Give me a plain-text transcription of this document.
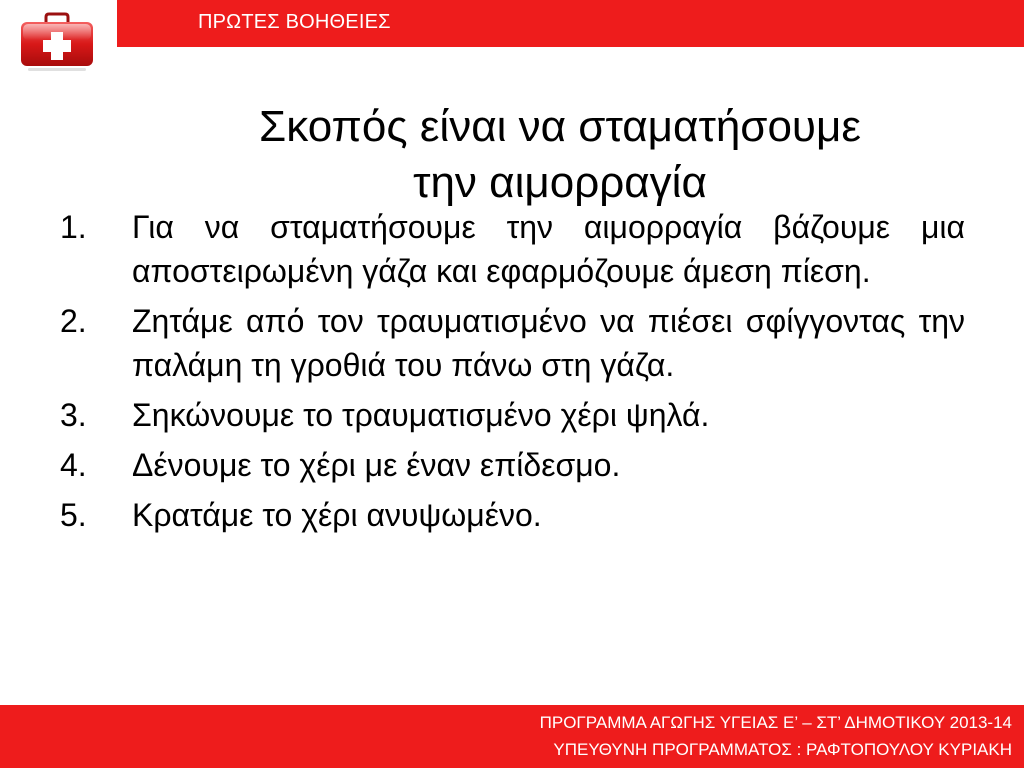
ΠΡΩΤΕΣ ΒΟΗΘΕΙΕΣ
Σκοπός είναι να σταματήσουμε
την αιμορραγία
1. Για να σταματήσουμε την αιμορραγία βάζουμε μια αποστειρωμένη γάζα και εφαρμόζουμε άμεση πίεση.
2. Ζητάμε από τον τραυματισμένο να πιέσει σφίγγοντας την παλάμη τη γροθιά του πάνω στη γάζα.
3. Σηκώνουμε το τραυματισμένο χέρι ψηλά.
4. Δένουμε το χέρι με έναν επίδεσμο.
5. Κρατάμε το χέρι ανυψωμένο.
ΠΡΟΓΡΑΜΜΑ ΑΓΩΓΗΣ ΥΓΕΙΑΣ Ε’ – ΣΤ’ ΔΗΜΟΤΙΚΟΥ 2013-14
ΥΠΕΥΘΥΝΗ ΠΡΟΓΡΑΜΜΑΤΟΣ : ΡΑΦΤΟΠΟΥΛΟΥ ΚΥΡΙΑΚΗ
